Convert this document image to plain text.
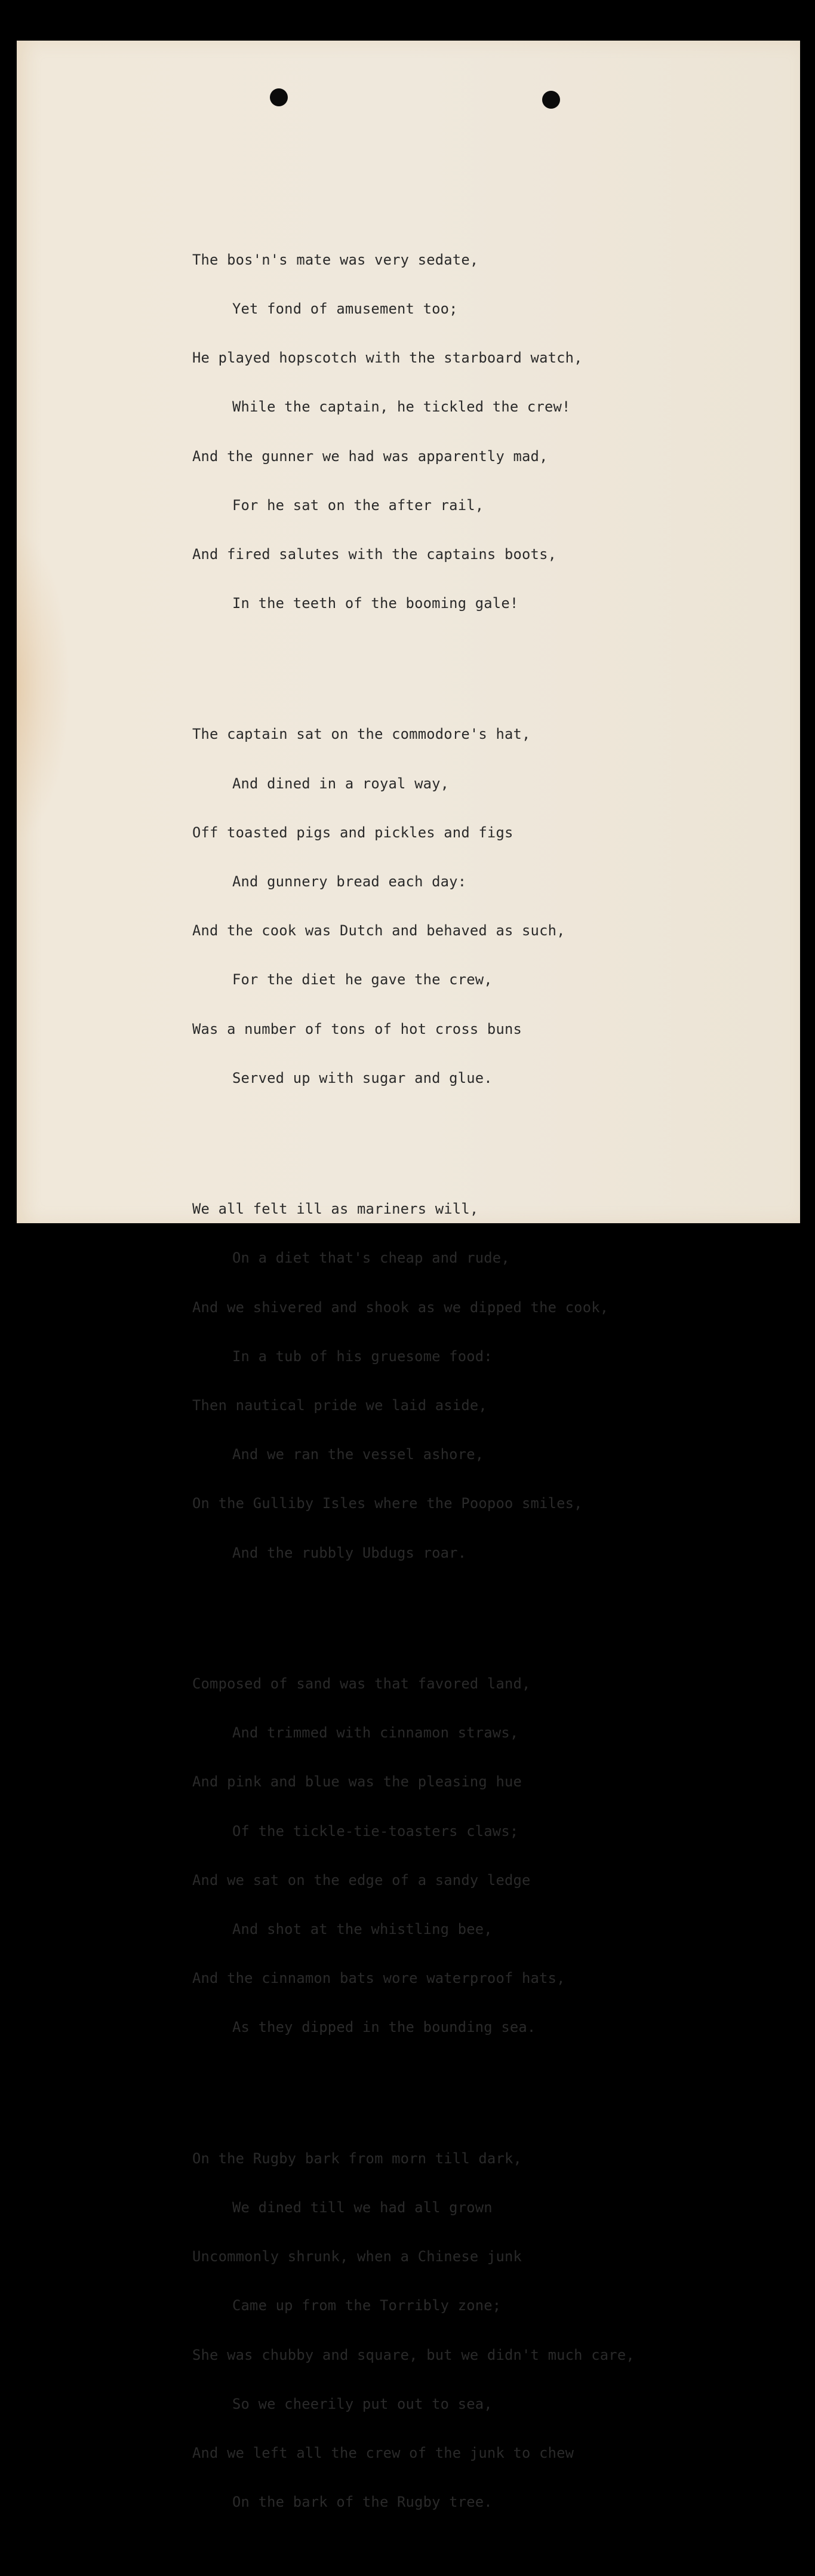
The bos'n's mate was very sedate,

Yet fond of amusement too;

He played hopscotch with the starboard watch,

While the captain, he tickled the crew!

And the gunner we had was apparently mad,

For he sat on the after rail,

And fired salutes with the captains boots,

In the teeth of the booming gale!

The captain sat on the commodore's hat,

And dined in a royal way,

Off toasted pigs and pickles and figs

And gunnery bread each day:

And the cook was Dutch and behaved as such,

For the diet he gave the crew,

Was a number of tons of hot cross buns

Served up with sugar and glue.

We all felt ill as mariners will,

On a diet that's cheap and rude,

And we shivered and shook as we dipped the cook,

In a tub of his gruesome food:

Then nautical pride we laid aside,

And we ran the vessel ashore,

On the Gulliby Isles where the Poopoo smiles,

And the rubbly Ubdugs roar.

Composed of sand was that favored land,

And trimmed with cinnamon straws,

And pink and blue was the pleasing hue

Of the tickle-tie-toasters claws;

And we sat on the edge of a sandy ledge

And shot at the whistling bee,

And the cinnamon bats wore waterproof hats,

As they dipped in the bounding sea.

On the Rugby bark from morn till dark,

We dined till we had all grown

Uncommonly shrunk, when a Chinese junk

Came up from the Torribly zone;

She was chubby and square, but we didn't much care,

So we cheerily put out to sea,

And we left all the crew of the junk to chew

On the bark of the Rugby tree.
